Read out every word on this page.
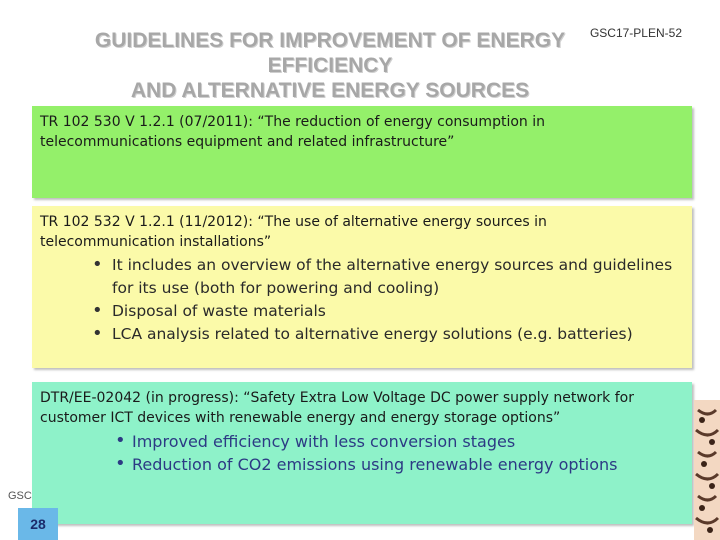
GSC17-PLEN-52
GUIDELINES FOR IMPROVEMENT OF ENERGY
EFFICIENCY
AND ALTERNATIVE ENERGY SOURCES
TR 102 530 V 1.2.1 (07/2011): “The reduction of energy consumption in telecommunications equipment and related infrastructure”
TR 102 532 V 1.2.1 (11/2012): “The use of alternative energy sources in telecommunication installations”
• It includes an overview of the alternative energy sources and guidelines for its use (both for powering and cooling)
• Disposal of waste materials
• LCA analysis related to alternative energy solutions (e.g. batteries)
DTR/EE-02042 (in progress): “Safety Extra Low Voltage DC power supply network for customer ICT devices with renewable energy and energy storage options”
• Improved efficiency with less conversion stages
• Reduction of CO2 emissions using renewable energy options
GSC
28
